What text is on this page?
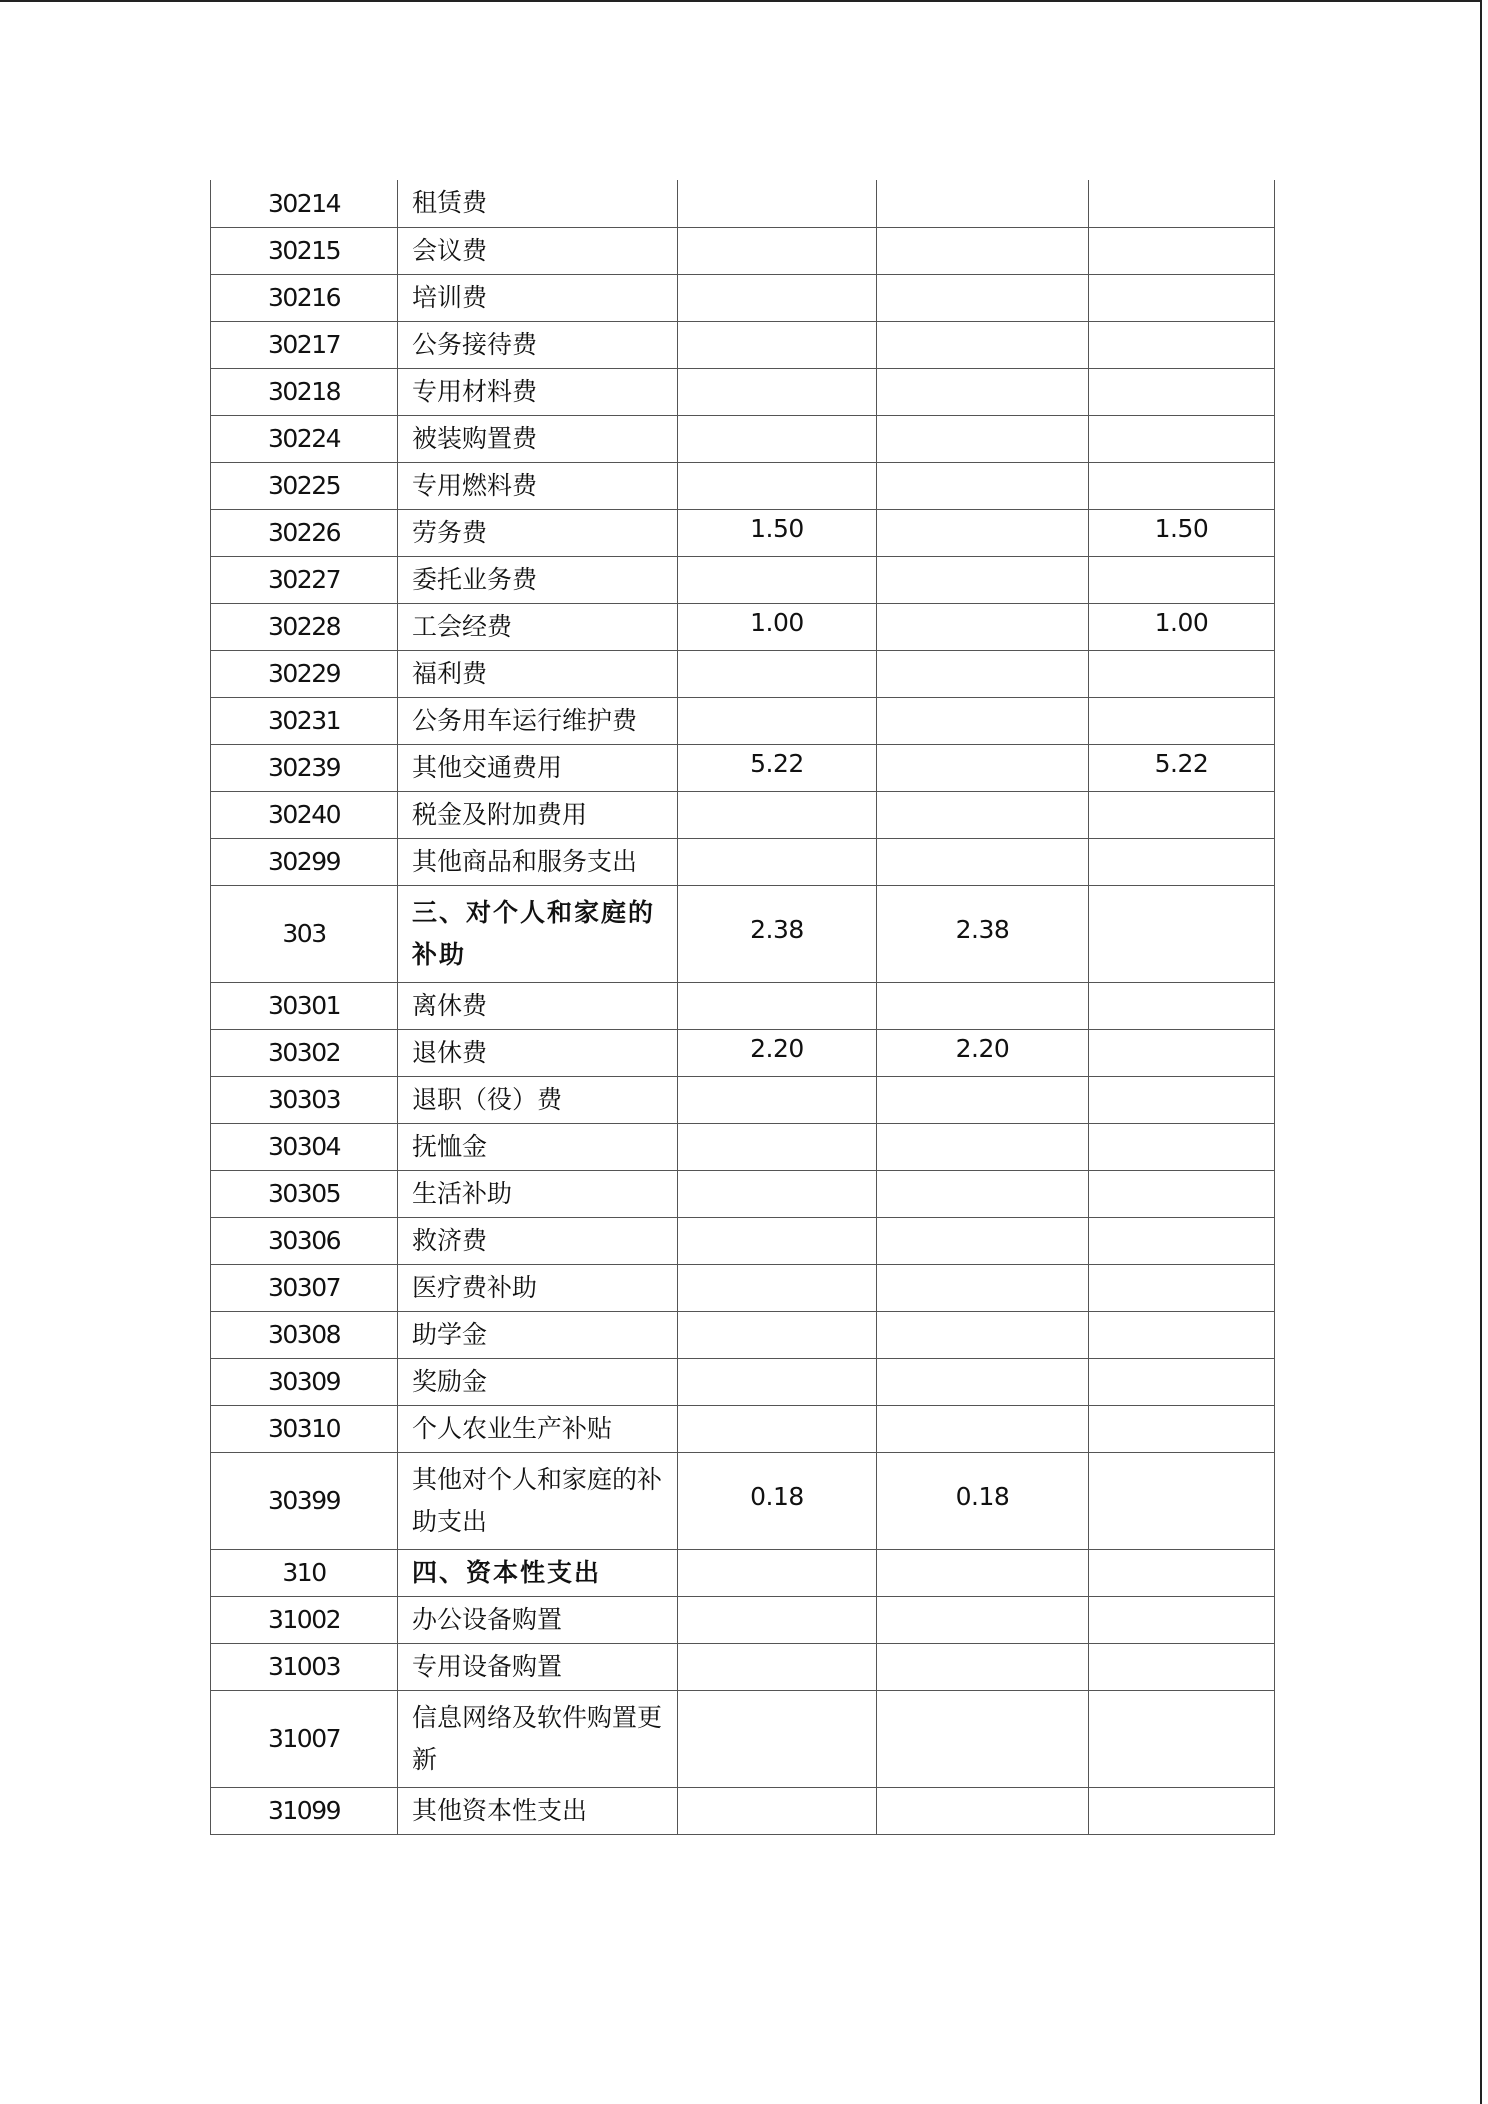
30214	租赁费			
30215	会议费			
30216	培训费			
30217	公务接待费			
30218	专用材料费			
30224	被装购置费			
30225	专用燃料费			
30226	劳务费	1.50		1.50
30227	委托业务费			
30228	工会经费	1.00		1.00
30229	福利费			
30231	公务用车运行维护费			
30239	其他交通费用	5.22		5.22
30240	税金及附加费用			
30299	其他商品和服务支出			
303	三、对个人和家庭的补助	2.38	2.38	
30301	离休费			
30302	退休费	2.20	2.20	
30303	退职（役）费			
30304	抚恤金			
30305	生活补助			
30306	救济费			
30307	医疗费补助			
30308	助学金			
30309	奖励金			
30310	个人农业生产补贴			
30399	其他对个人和家庭的补助支出	0.18	0.18	
310	四、资本性支出			
31002	办公设备购置			
31003	专用设备购置			
31007	信息网络及软件购置更新			
31099	其他资本性支出			
